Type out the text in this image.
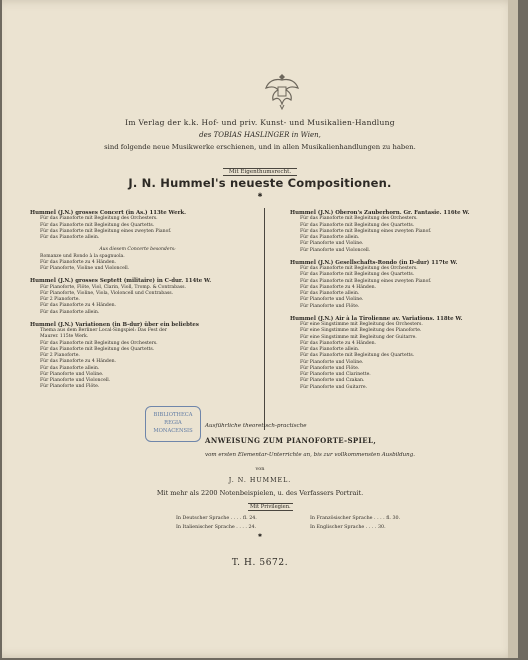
Im Verlag der k.k. Hof- und priv. Kunst- und Musikalien-Handlung
des TOBIAS HASLINGER in Wien,
sind folgende neue Musikwerke erschienen, und in allen Musikalienhandlungen zu haben.
Mit Eigenthumsrecht.
J. N. Hummel's neueste Compositionen.
✱
Hummel (J.N.) grosses Concert (in As.) 113te Werk.
Für das Pianoforte mit Begleitung des Orchesters.
Für das Pianoforte mit Begleitung des Quartetts.
Für das Pianoforte mit Begleitung eines zweyten Pianof.
Für das Pianoforte allein.
Aus diesem Concerte besonders:
Romanze und Rondo à la spagnuola.
Für das Pianoforte zu 4 Händen.
Für Pianoforte, Violine und Violoncell.
Hummel (J.N.) grosses Septett (militaire) in C-dur. 114te W.
Für Pianoforte, Flöte, Viol, Clarin, Violl, Tromp. & Contrabass.
Für Pianoforte, Violine, Viola, Violoncell und Contrabass.
Für 2 Pianoforte.
Für das Pianoforte zu 4 Händen.
Für das Pianoforte allein.
Hummel (J.N.) Variationen (in B-dur) über ein beliebtes
Thema aus dem Berliner Local-Singspiel: Das Fest der
Maurer. 115te Werk.
Für das Pianoforte mit Begleitung des Orchesters.
Für das Pianoforte mit Begleitung des Quartetts.
Für 2 Pianoforte.
Für das Pianoforte zu 4 Händen.
Für das Pianoforte allein.
Für Pianoforte und Violine.
Für Pianoforte und Violoncell.
Für Pianoforte und Flöte.
Hummel (J.N.) Oberon's Zauberhorn. Gr. Fantasie. 116te W.
Für das Pianoforte mit Begleitung des Orchesters.
Für das Pianoforte mit Begleitung des Quartetts.
Für das Pianoforte mit Begleitung eines zweyten Pianof.
Für das Pianoforte allein.
Für Pianoforte und Violine.
Für Pianoforte und Violoncell.
Hummel (J.N.) Gesellschafts-Rondo (in D-dur) 117te W.
Für das Pianoforte mit Begleitung des Orchesters.
Für das Pianoforte mit Begleitung des Quartetts.
Für das Pianoforte mit Begleitung eines zweyten Pianof.
Für das Pianoforte zu 4 Händen.
Für das Pianoforte allein.
Für Pianoforte und Violine.
Für Pianoforte und Flöte.
Hummel (J.N.) Air à la Tirolienne av. Variations. 118te W.
Für eine Singstimme mit Begleitung des Orchesters.
Für eine Singstimme mit Begleitung des Pianoforte.
Für eine Singstimme mit Begleitung der Guitarre.
Für das Pianoforte zu 4 Händen.
Für das Pianoforte allein.
Für das Pianoforte mit Begleitung des Quartetts.
Für Pianoforte und Violine.
Für Pianoforte und Flöte.
Für Pianoforte und Clarinette.
Für Pianoforte und Czakan.
Für Pianoforte und Guitarre.
BIBLIOTHECA
REGIA
MONACENSIS
Ausführliche theoretisch-practische
ANWEISUNG ZUM PIANOFORTE-SPIEL,
vom ersten Elementar-Unterrichte an, bis zur vollkommensten Ausbildung.
von
J. N. HUMMEL.
Mit mehr als 2200 Notenbeispielen, u. des Verfassers Portrait.
Mit Privilegien.
In Deutscher Sprache . . . . fl. 24.
In Italienischer Sprache . . . . 24.
In Französischer Sprache . . . . fl. 30.
In Englischer Sprache . . . . 30.
✱
T. H. 5672.
